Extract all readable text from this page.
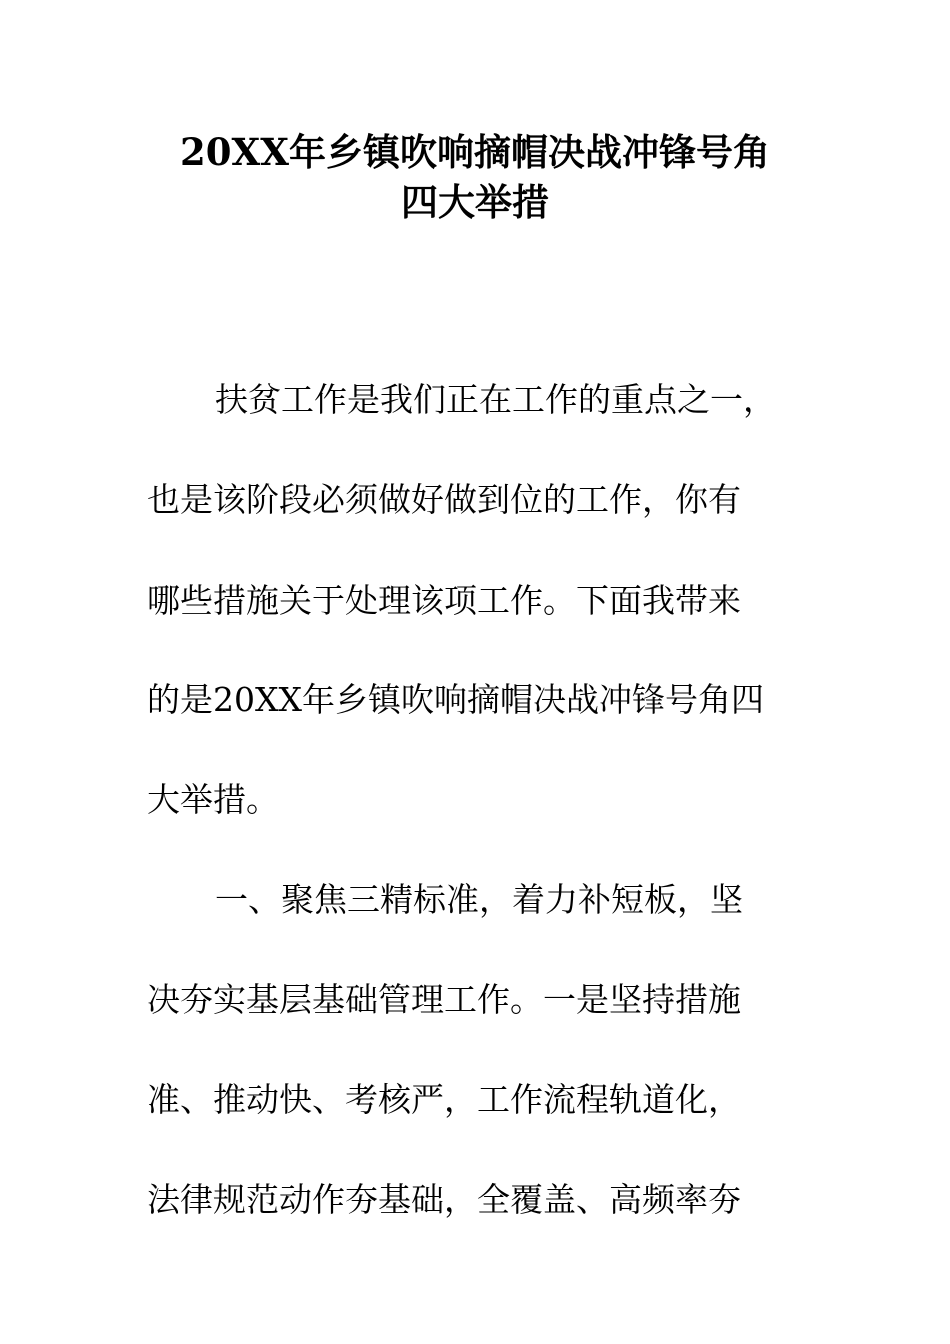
20XX年乡镇吹响摘帽决战冲锋号角
四大举措
扶贫工作是我们正在工作的重点之一，
也是该阶段必须做好做到位的工作，你有
哪些措施关于处理该项工作。下面我带来
的是20XX年乡镇吹响摘帽决战冲锋号角四
大举措。
一、聚焦三精标准，着力补短板，坚
决夯实基层基础管理工作。一是坚持措施
准、推动快、考核严，工作流程轨道化，
法律规范动作夯基础，全覆盖、高频率夯
